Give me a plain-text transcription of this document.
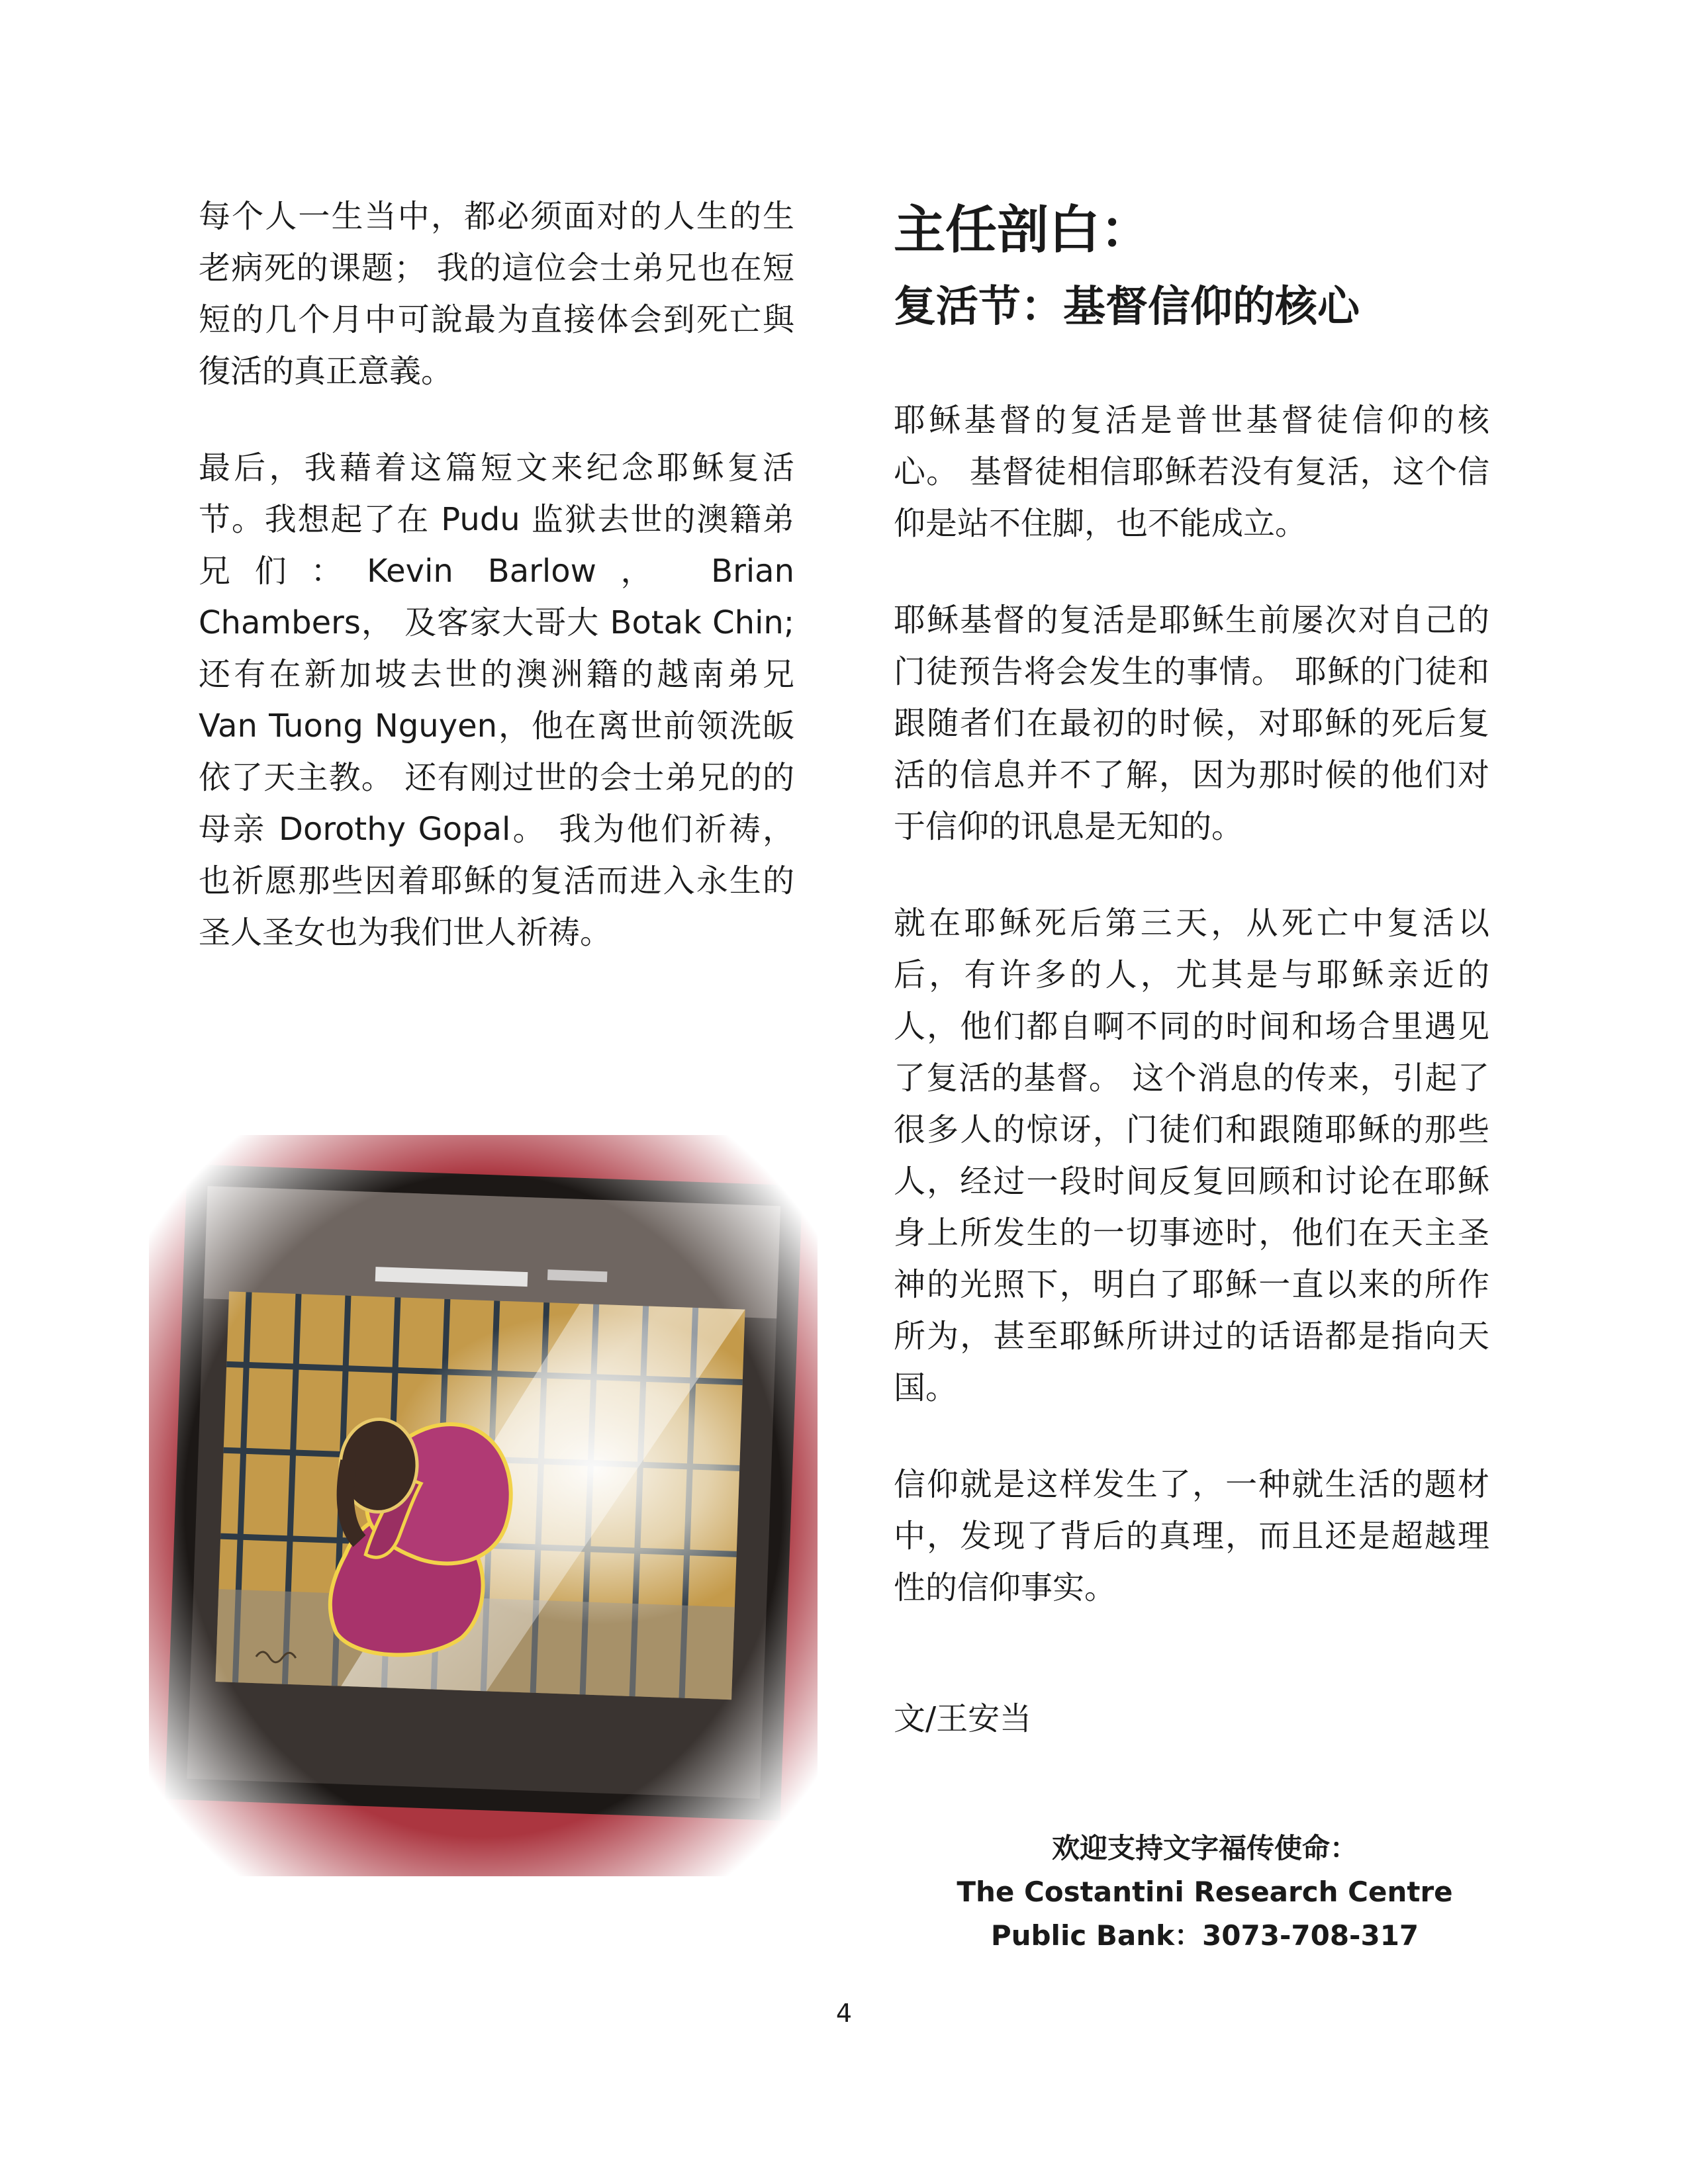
每个人一生当中，都必须面对的人生的生老病死的课题； 我的這位会士弟兄也在短短的几个月中可說最为直接体会到死亡與復活的真正意義。

最后，我藉着这篇短文来纪念耶稣复活节。我想起了在 Pudu 监狱去世的澳籍弟兄们：Kevin Barlow， Brian Chambers， 及客家大哥大 Botak Chin; 还有在新加坡去世的澳洲籍的越南弟兄 Van Tuong Nguyen，他在离世前领洗皈依了天主教。 还有刚过世的会士弟兄的的母亲 Dorothy Gopal。 我为他们祈祷，也祈愿那些因着耶稣的复活而进入永生的圣人圣女也为我们世人祈祷。

主任剖白：
复活节：基督信仰的核心

耶稣基督的复活是普世基督徒信仰的核心。 基督徒相信耶稣若没有复活，这个信仰是站不住脚，也不能成立。

耶稣基督的复活是耶稣生前屡次对自己的门徒预告将会发生的事情。 耶稣的门徒和跟随者们在最初的时候，对耶稣的死后复活的信息并不了解，因为那时候的他们对于信仰的讯息是无知的。

就在耶稣死后第三天，从死亡中复活以后，有许多的人，尤其是与耶稣亲近的人，他们都自啊不同的时间和场合里遇见了复活的基督。 这个消息的传来，引起了很多人的惊讶，门徒们和跟随耶稣的那些人，经过一段时间反复回顾和讨论在耶稣身上所发生的一切事迹时，他们在天主圣神的光照下，明白了耶稣一直以来的所作所为，甚至耶稣所讲过的话语都是指向天国。

信仰就是这样发生了，一种就生活的题材中，发现了背后的真理，而且还是超越理性的信仰事实。

文/王安当
欢迎支持文字福传使命：
The Costantini Research Centre
Public Bank：3073-708-317
4
